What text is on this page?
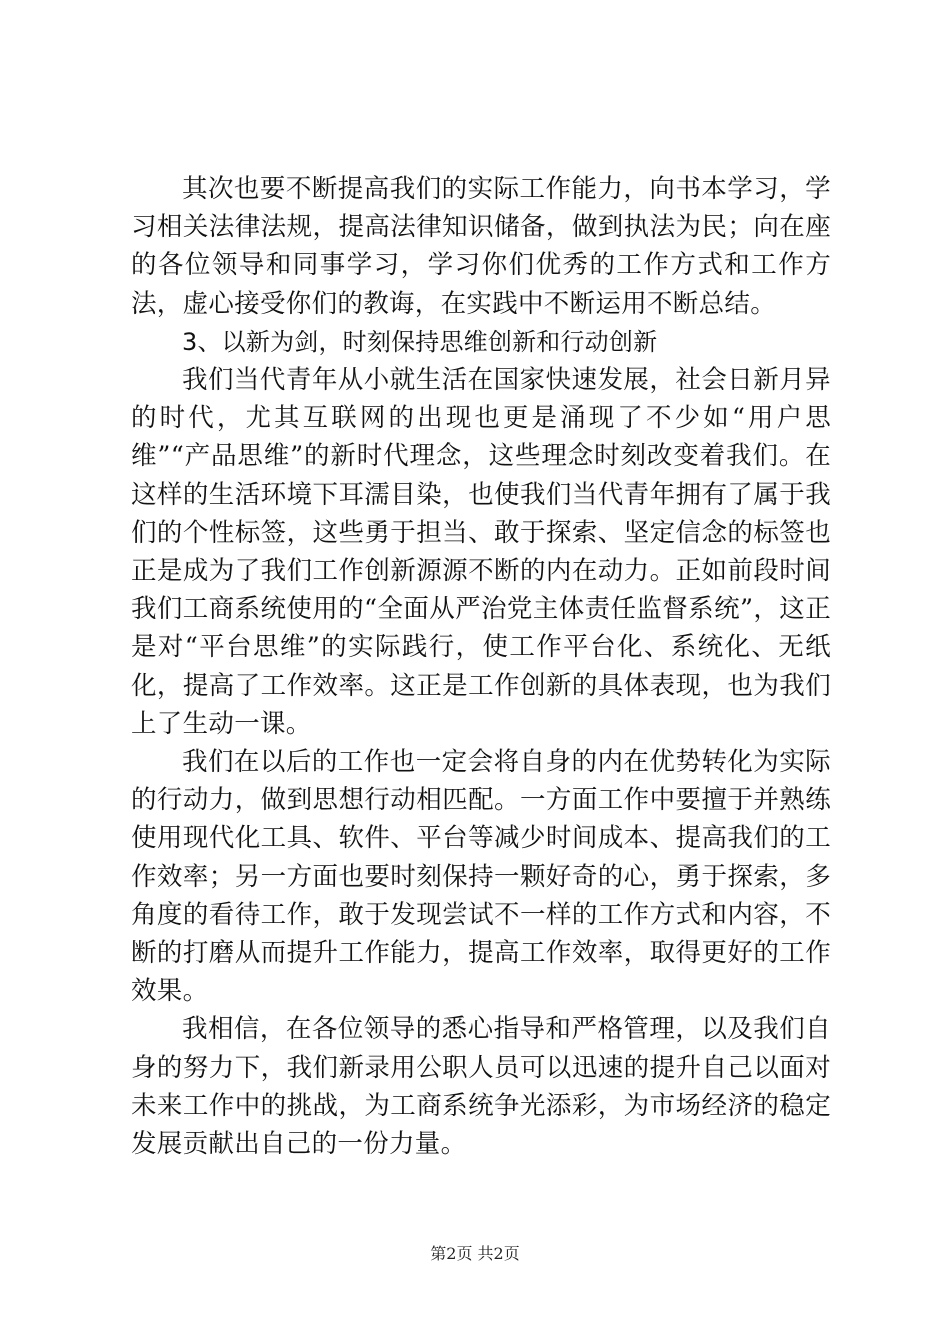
其次也要不断提高我们的实际工作能力，向书本学习，学习相关法律法规，提高法律知识储备，做到执法为民；向在座的各位领导和同事学习，学习你们优秀的工作方式和工作方法，虚心接受你们的教诲，在实践中不断运用不断总结。

3、以新为剑，时刻保持思维创新和行动创新

我们当代青年从小就生活在国家快速发展，社会日新月异的时代，尤其互联网的出现也更是涌现了不少如“用户思维”“产品思维”的新时代理念，这些理念时刻改变着我们。在这样的生活环境下耳濡目染，也使我们当代青年拥有了属于我们的个性标签，这些勇于担当、敢于探索、坚定信念的标签也正是成为了我们工作创新源源不断的内在动力。正如前段时间我们工商系统使用的“全面从严治党主体责任监督系统”，这正是对“平台思维”的实际践行，使工作平台化、系统化、无纸化，提高了工作效率。这正是工作创新的具体表现，也为我们上了生动一课。

我们在以后的工作也一定会将自身的内在优势转化为实际的行动力，做到思想行动相匹配。一方面工作中要擅于并熟练使用现代化工具、软件、平台等减少时间成本、提高我们的工作效率；另一方面也要时刻保持一颗好奇的心，勇于探索，多角度的看待工作，敢于发现尝试不一样的工作方式和内容，不断的打磨从而提升工作能力，提高工作效率，取得更好的工作效果。

我相信，在各位领导的悉心指导和严格管理，以及我们自身的努力下，我们新录用公职人员可以迅速的提升自己以面对未来工作中的挑战，为工商系统争光添彩，为市场经济的稳定发展贡献出自己的一份力量。

第2页 共2页
